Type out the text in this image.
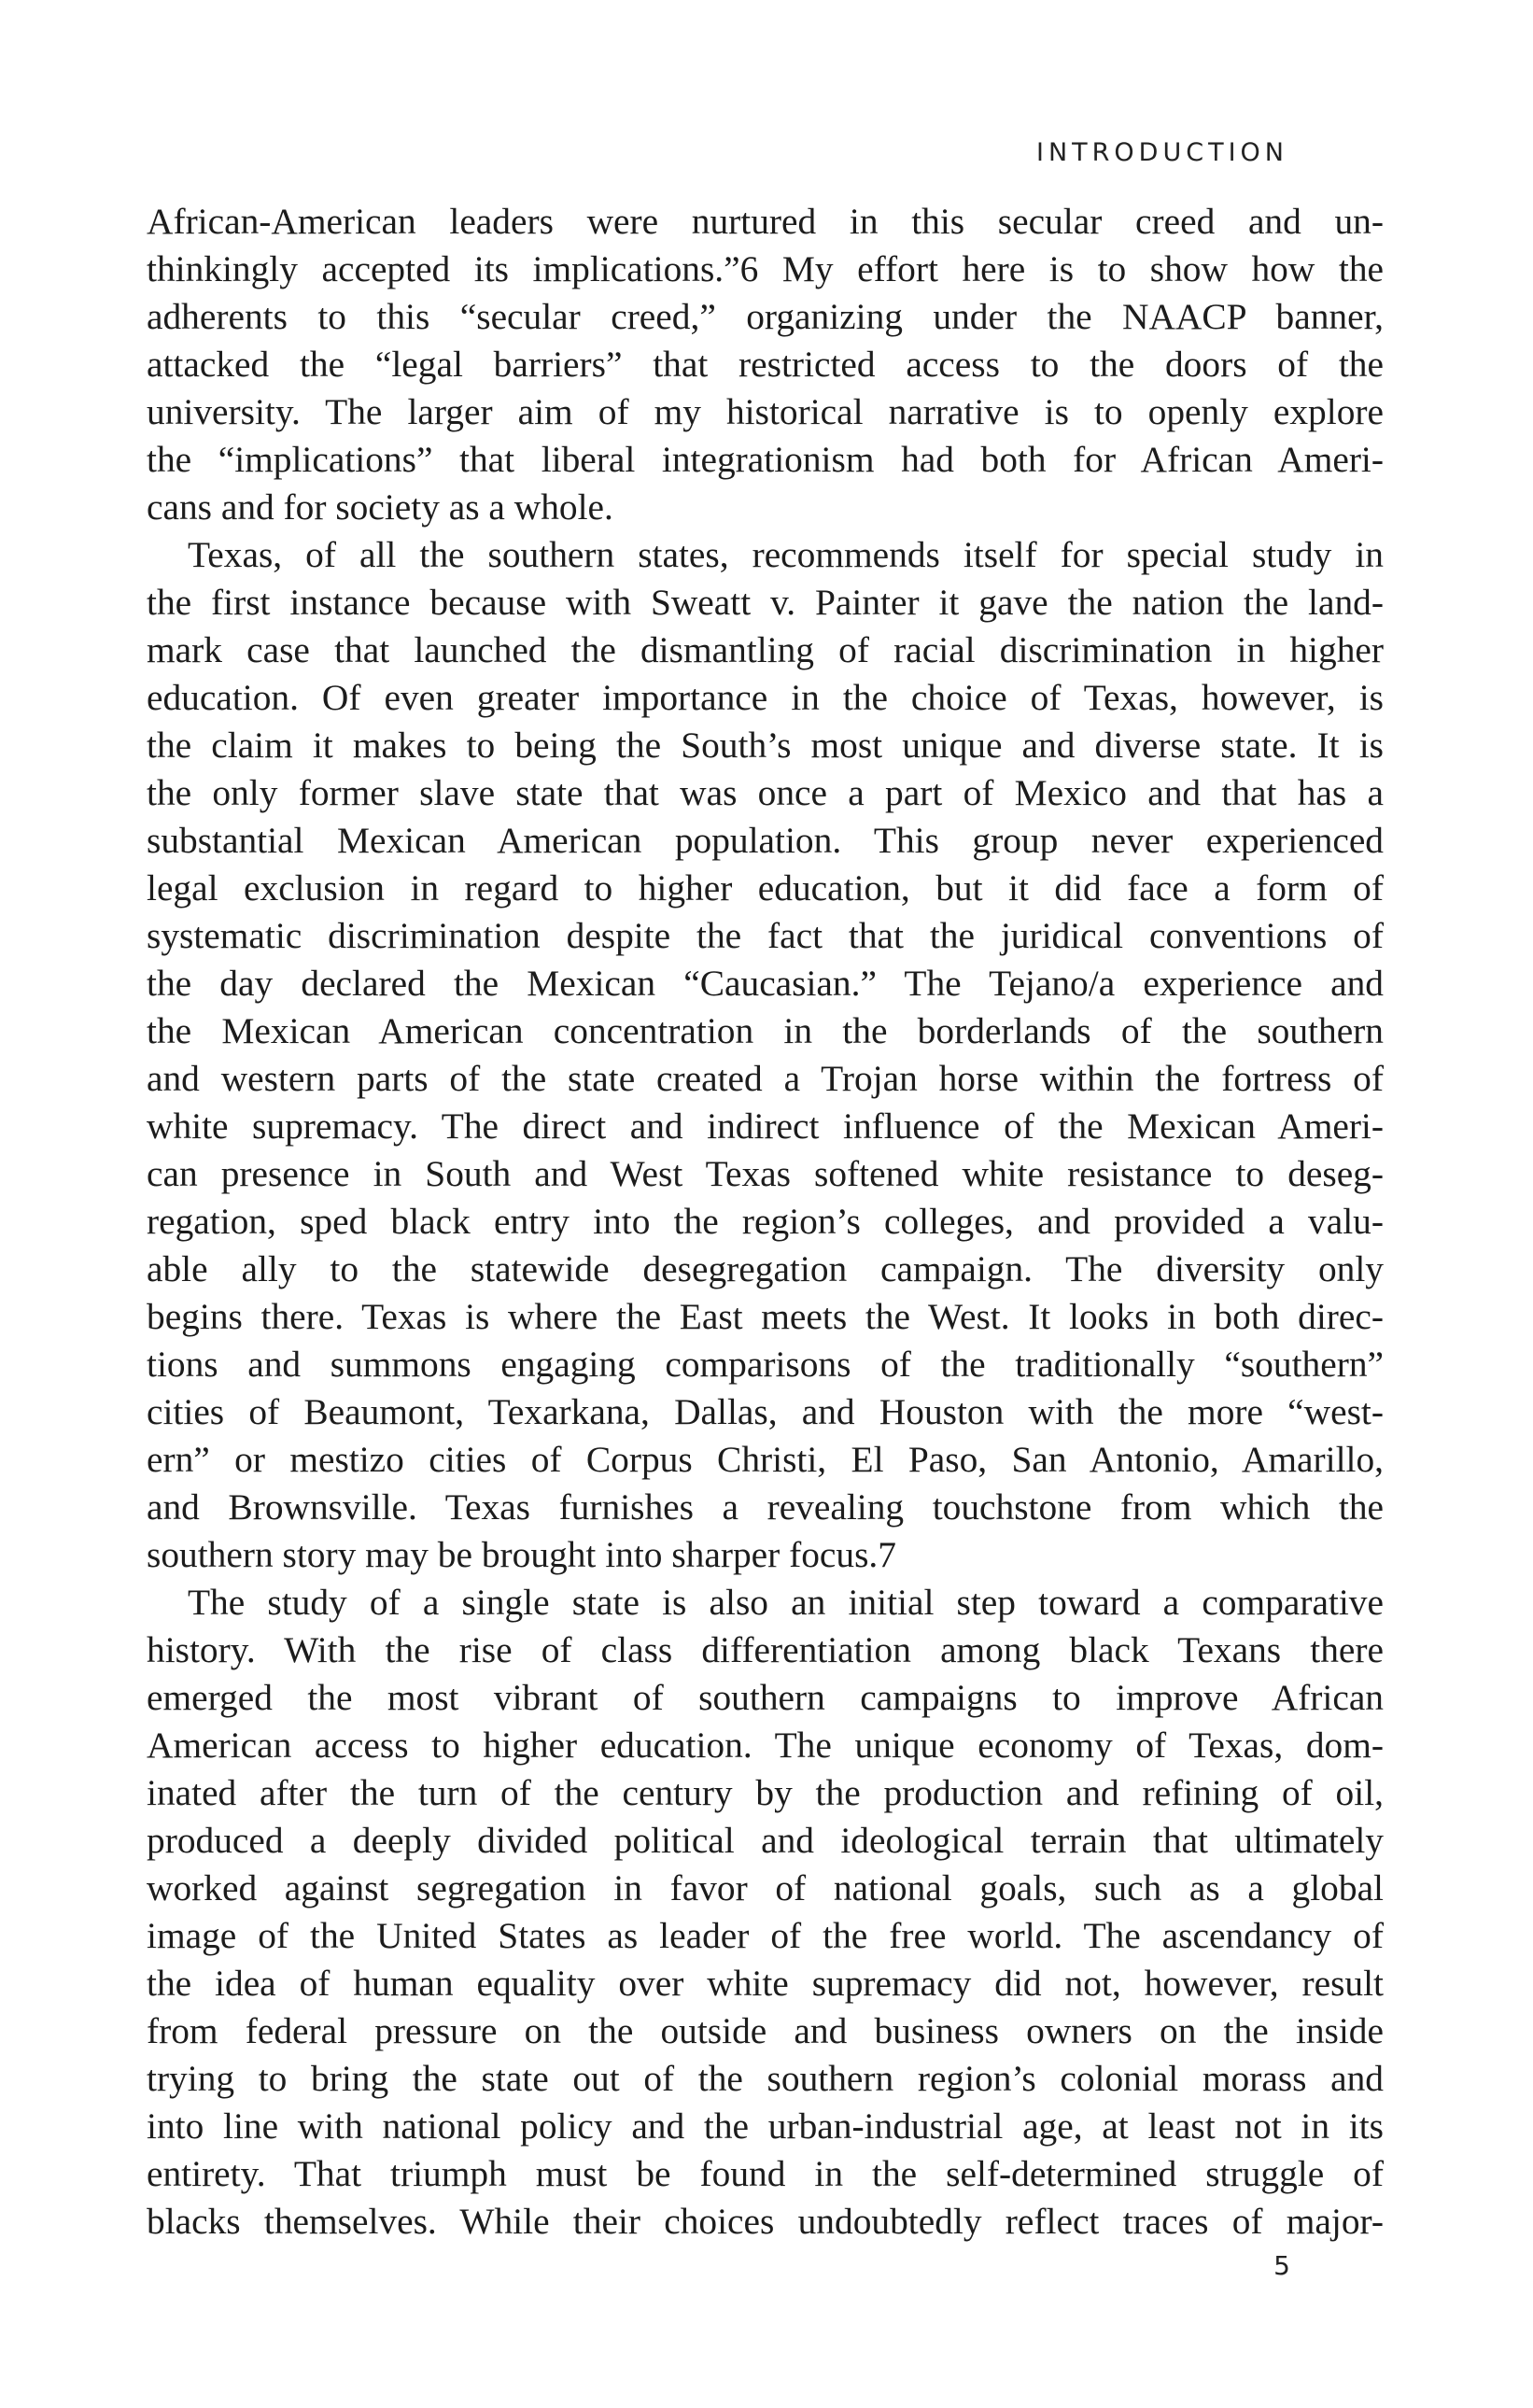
INTRODUCTION
African-American leaders were nurtured in this secular creed and un-
thinkingly accepted its implications.”6 My effort here is to show how the
adherents to this “secular creed,” organizing under the NAACP banner,
attacked the “legal barriers” that restricted access to the doors of the
university. The larger aim of my historical narrative is to openly explore
the “implications” that liberal integrationism had both for African Ameri-
cans and for society as a whole.
Texas, of all the southern states, recommends itself for special study in
the first instance because with Sweatt v. Painter it gave the nation the land-
mark case that launched the dismantling of racial discrimination in higher
education. Of even greater importance in the choice of Texas, however, is
the claim it makes to being the South’s most unique and diverse state. It is
the only former slave state that was once a part of Mexico and that has a
substantial Mexican American population. This group never experienced
legal exclusion in regard to higher education, but it did face a form of
systematic discrimination despite the fact that the juridical conventions of
the day declared the Mexican “Caucasian.” The Tejano/a experience and
the Mexican American concentration in the borderlands of the southern
and western parts of the state created a Trojan horse within the fortress of
white supremacy. The direct and indirect influence of the Mexican Ameri-
can presence in South and West Texas softened white resistance to deseg-
regation, sped black entry into the region’s colleges, and provided a valu-
able ally to the statewide desegregation campaign. The diversity only
begins there. Texas is where the East meets the West. It looks in both direc-
tions and summons engaging comparisons of the traditionally “southern”
cities of Beaumont, Texarkana, Dallas, and Houston with the more “west-
ern” or mestizo cities of Corpus Christi, El Paso, San Antonio, Amarillo,
and Brownsville. Texas furnishes a revealing touchstone from which the
southern story may be brought into sharper focus.7
The study of a single state is also an initial step toward a comparative
history. With the rise of class differentiation among black Texans there
emerged the most vibrant of southern campaigns to improve African
American access to higher education. The unique economy of Texas, dom-
inated after the turn of the century by the production and refining of oil,
produced a deeply divided political and ideological terrain that ultimately
worked against segregation in favor of national goals, such as a global
image of the United States as leader of the free world. The ascendancy of
the idea of human equality over white supremacy did not, however, result
from federal pressure on the outside and business owners on the inside
trying to bring the state out of the southern region’s colonial morass and
into line with national policy and the urban-industrial age, at least not in its
entirety. That triumph must be found in the self-determined struggle of
blacks themselves. While their choices undoubtedly reflect traces of major-
5
